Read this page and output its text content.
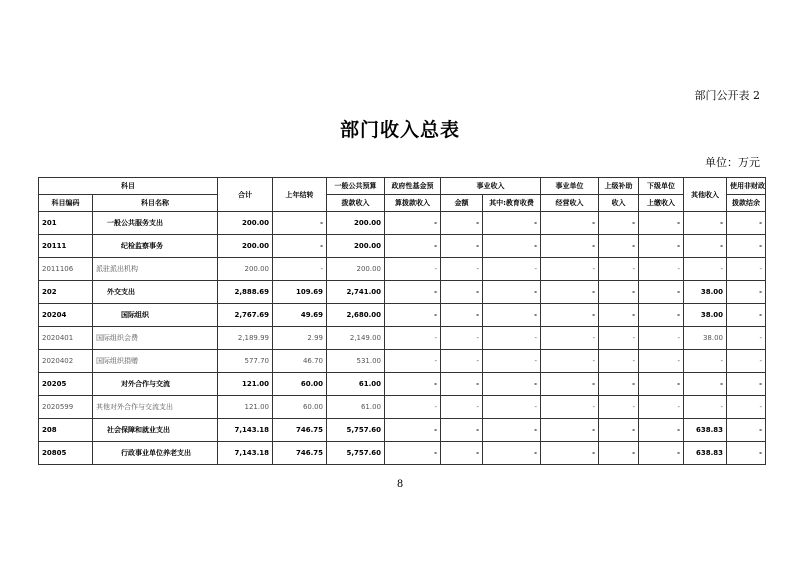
部门公开表 2
部门收入总表
单位：万元
科目		合计	上年结转	一般公共预算	政府性基金预	事业收入		事业单位	上级补助	下级单位	其他收入	使用非财政
科目编码	科目名称			拨款收入	算拨款收入	金额	其中:教育收费	经营收入	收入	上缴收入		拨款结余
201	一般公共服务支出	200.00	-	200.00	-	-	-	-	-	-	-	-
20111	纪检监察事务	200.00	-	200.00	-	-	-	-	-	-	-	-
2011106	派驻派出机构	200.00	-	200.00	-	-	-	-	-	-	-	-
202	外交支出	2,888.69	109.69	2,741.00	-	-	-	-	-	-	38.00	-
20204	国际组织	2,767.69	49.69	2,680.00	-	-	-	-	-	-	38.00	-
2020401	国际组织会费	2,189.99	2.99	2,149.00	-	-	-	-	-	-	38.00	-
2020402	国际组织捐赠	577.70	46.70	531.00	-	-	-	-	-	-	-	-
20205	对外合作与交流	121.00	60.00	61.00	-	-	-	-	-	-	-	-
2020599	其他对外合作与交流支出	121.00	60.00	61.00	-	-	-	-	-	-	-	-
208	社会保障和就业支出	7,143.18	746.75	5,757.60	-	-	-	-	-	-	638.83	-
20805	行政事业单位养老支出	7,143.18	746.75	5,757.60	-	-	-	-	-	-	638.83	-
8
